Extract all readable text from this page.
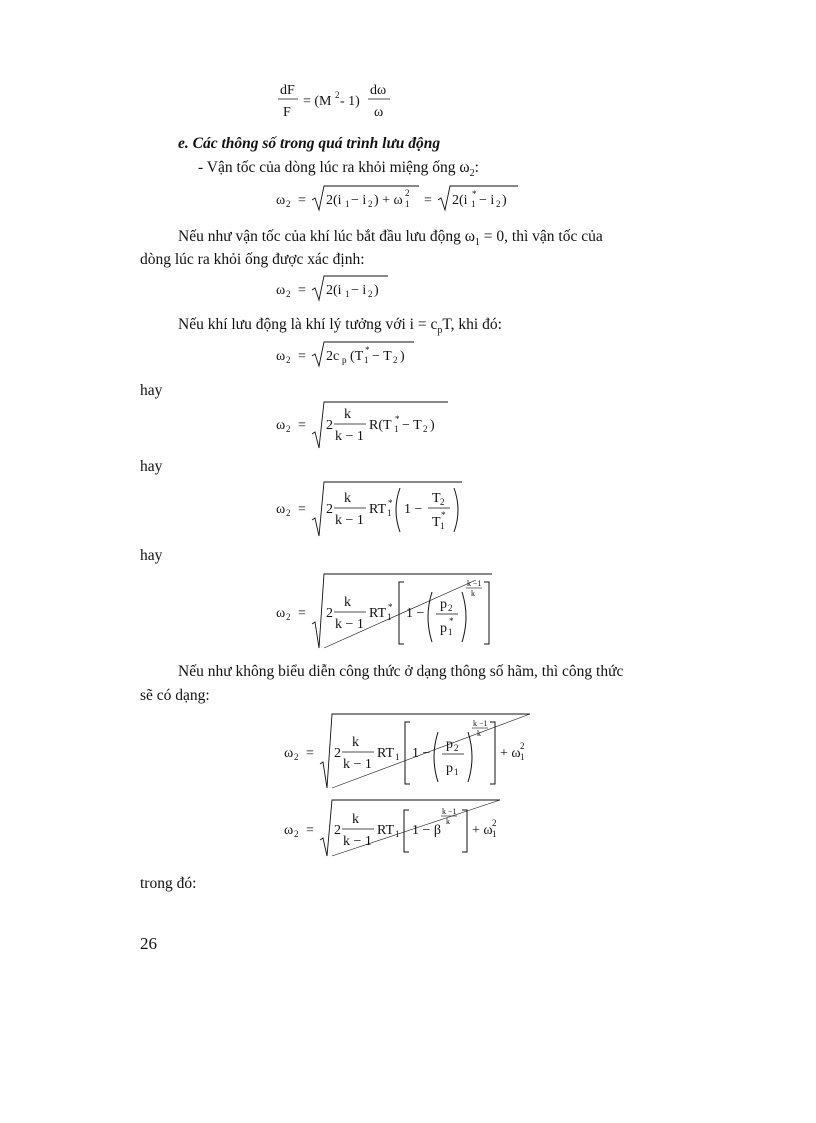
dF
F
= (M 2 - 1)
dω
ω
e. Các thông số trong quá trình lưu động
- Vận tốc của dòng lúc ra khỏi miệng ống $\omega_2$:
ω 2 = 2(i 1 − i 2 ) + ω 1
2 = 2(i 1
* − i 2 )
Nếu như vận tốc của khí lúc bắt đầu lưu động $\omega_1 = 0$, thì vận tốc của
dòng lúc ra khỏi ống được xác định:
ω 2 = 2(i 1 − i 2 )
Nếu khí lưu động là khí lý tưởng với $i = c_pT$, khi đó:
ω 2 = 2c p (T 1
* − T 2 )
hay
ω 2 = 2
k
k − 1
R(T 1
* − T 2 )
hay
ω 2 = 2
k
k − 1
RT 1
* 1 −
T 2
T 1
*
hay
ω 2 = 2
k
k − 1
RT 1
* 1 −
p 2
p 1
*
k −1
k
Nếu như không biểu diễn công thức ở dạng thông số hãm, thì công thức
sẽ có dạng:
ω 2 = 2
k
k − 1
RT 1 1 −
p 2
p 1
k −1
k
+ ω 1
2
ω 2 = 2
k
k − 1
RT 1 1 − β
k −1
k
+ ω 1
2
trong đó:
26
